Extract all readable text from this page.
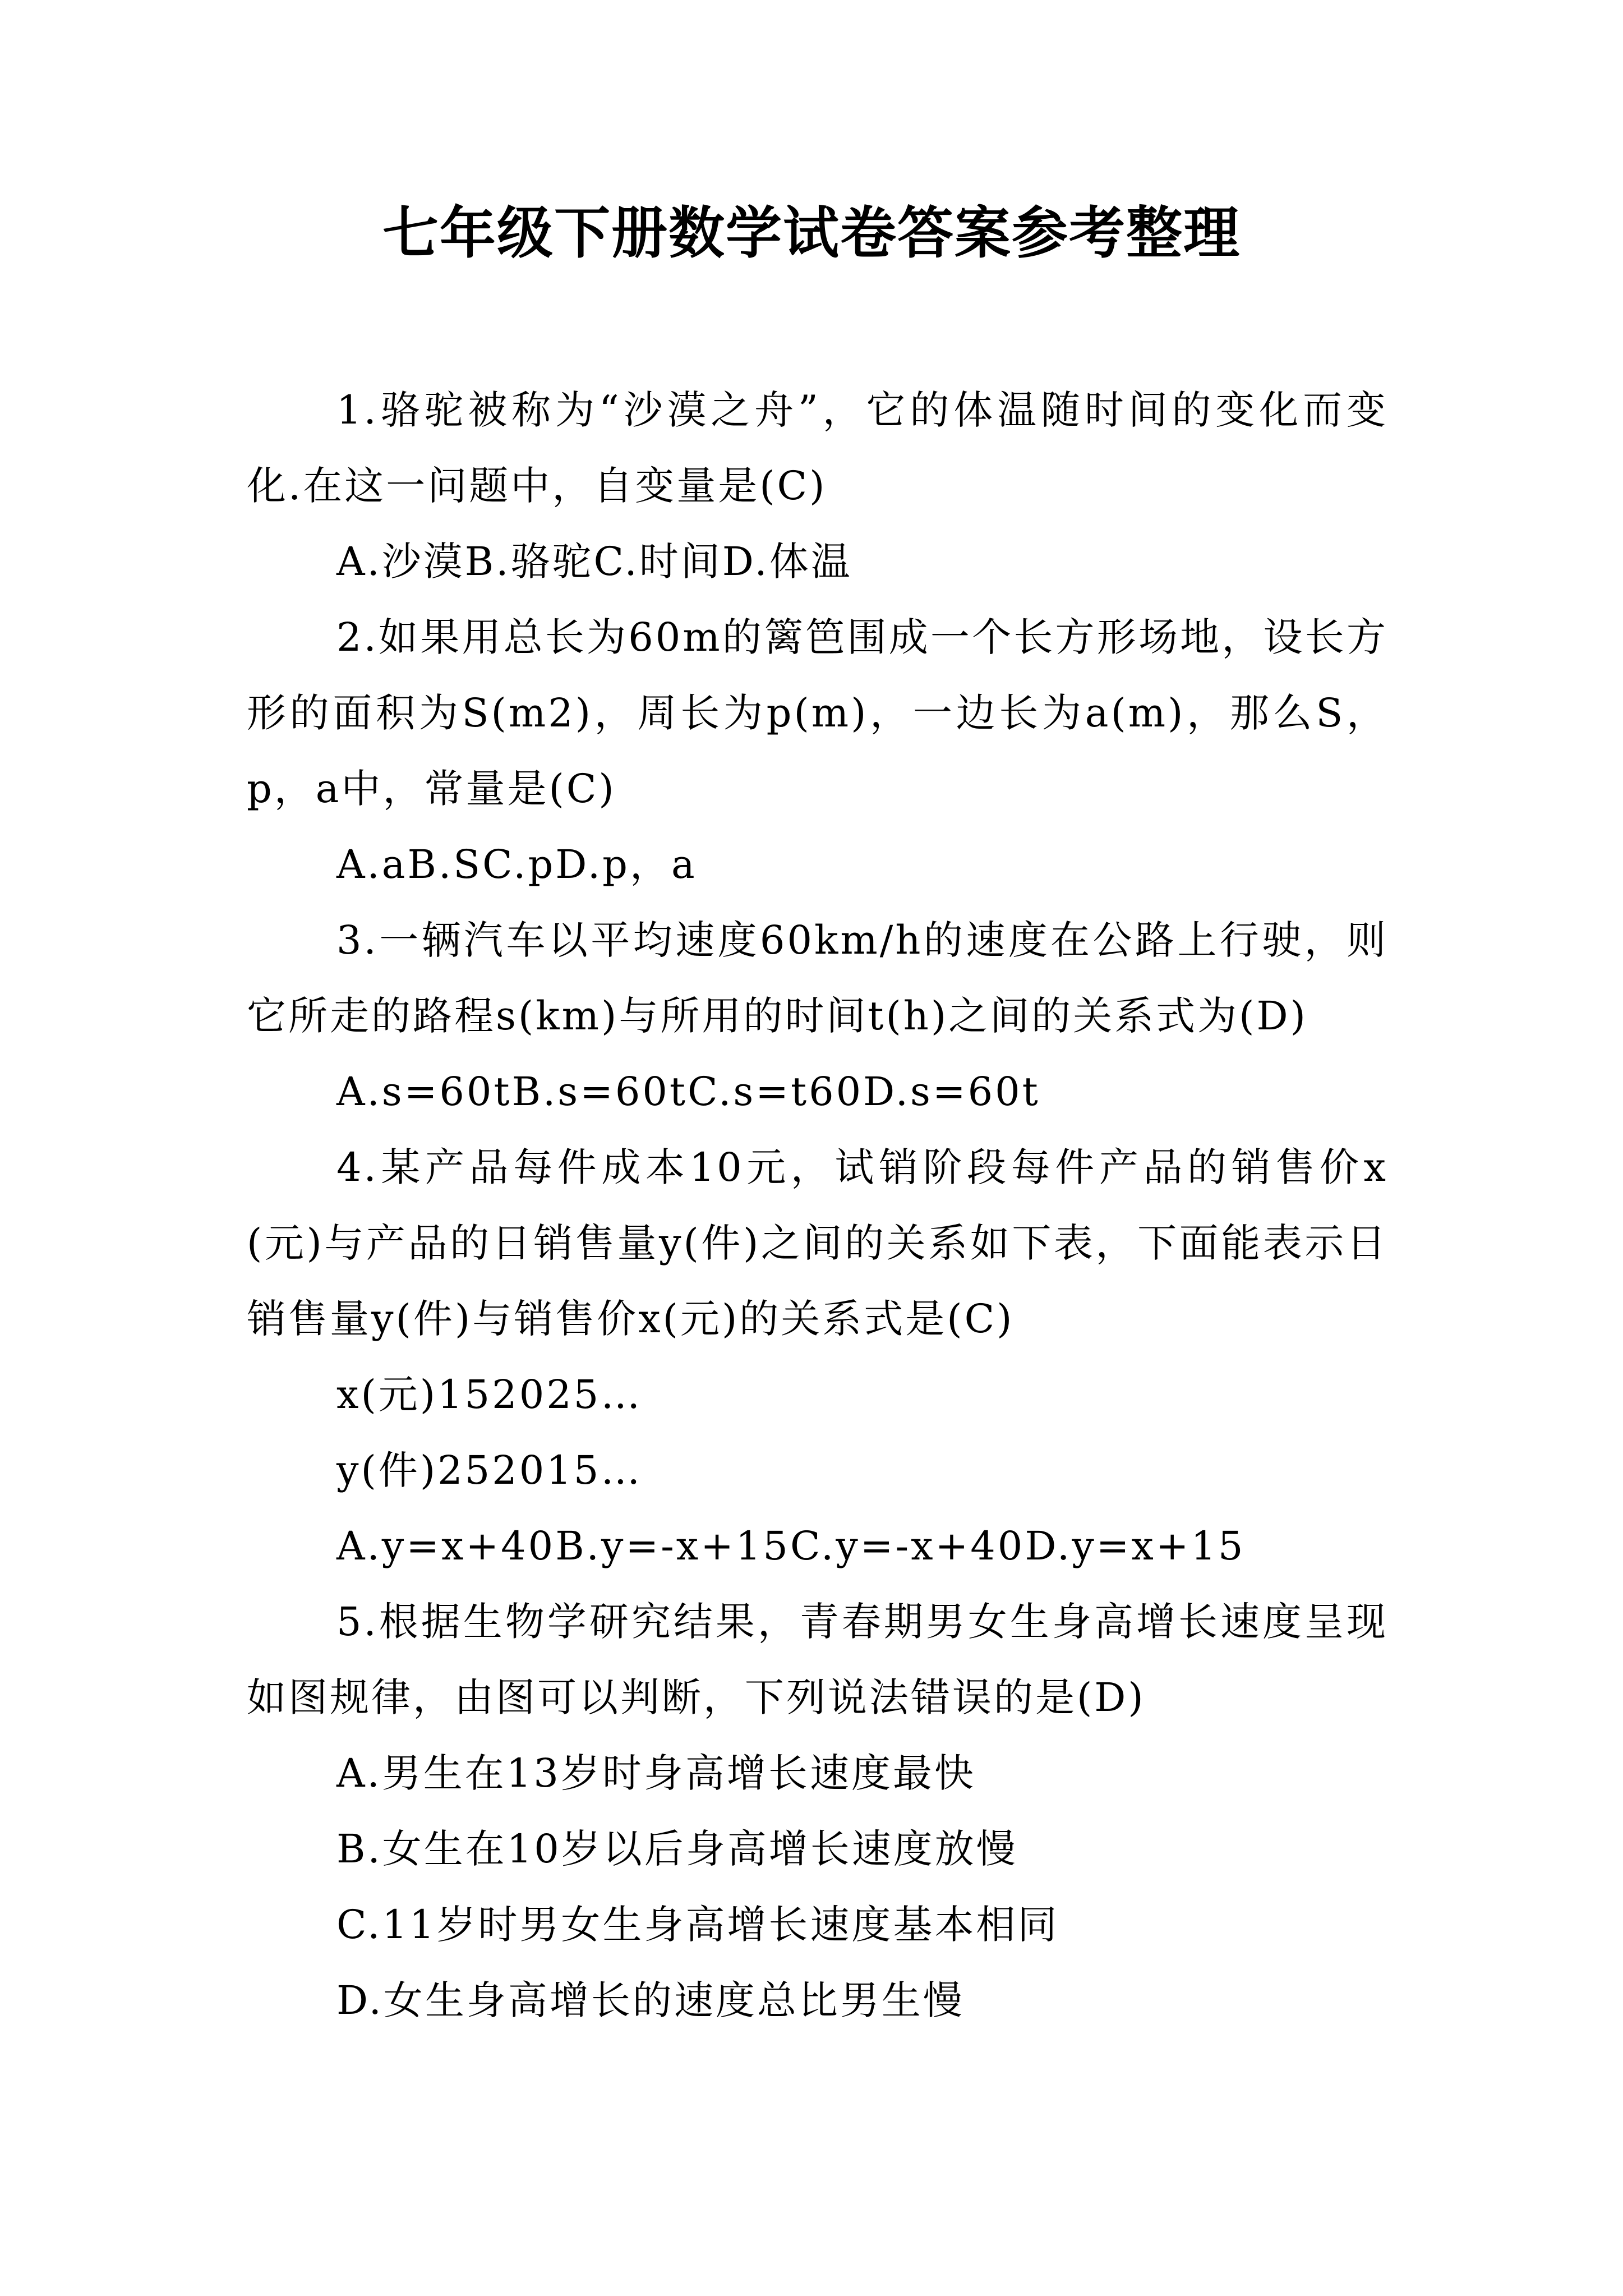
七年级下册数学试卷答案参考整理

1.骆驼被称为“沙漠之舟”，它的体温随时间的变化而变化.在这一问题中，自变量是(C)

A.沙漠B.骆驼C.时间D.体温

2.如果用总长为60m的篱笆围成一个长方形场地，设长方形的面积为S(m2)，周长为p(m)，一边长为a(m)，那么S，p，a中，常量是(C)

A.aB.SC.pD.p，a

3.一辆汽车以平均速度60km/h的速度在公路上行驶，则它所走的路程s(km)与所用的时间t(h)之间的关系式为(D)

A.s=60tB.s=60tC.s=t60D.s=60t

4.某产品每件成本10元，试销阶段每件产品的销售价x(元)与产品的日销售量y(件)之间的关系如下表，下面能表示日销售量y(件)与销售价x(元)的关系式是(C)

x(元)152025…

y(件)252015…

A.y=x+40B.y=-x+15C.y=-x+40D.y=x+15

5.根据生物学研究结果，青春期男女生身高增长速度呈现如图规律，由图可以判断，下列说法错误的是(D)

A.男生在13岁时身高增长速度最快

B.女生在10岁以后身高增长速度放慢

C.11岁时男女生身高增长速度基本相同

D.女生身高增长的速度总比男生慢
